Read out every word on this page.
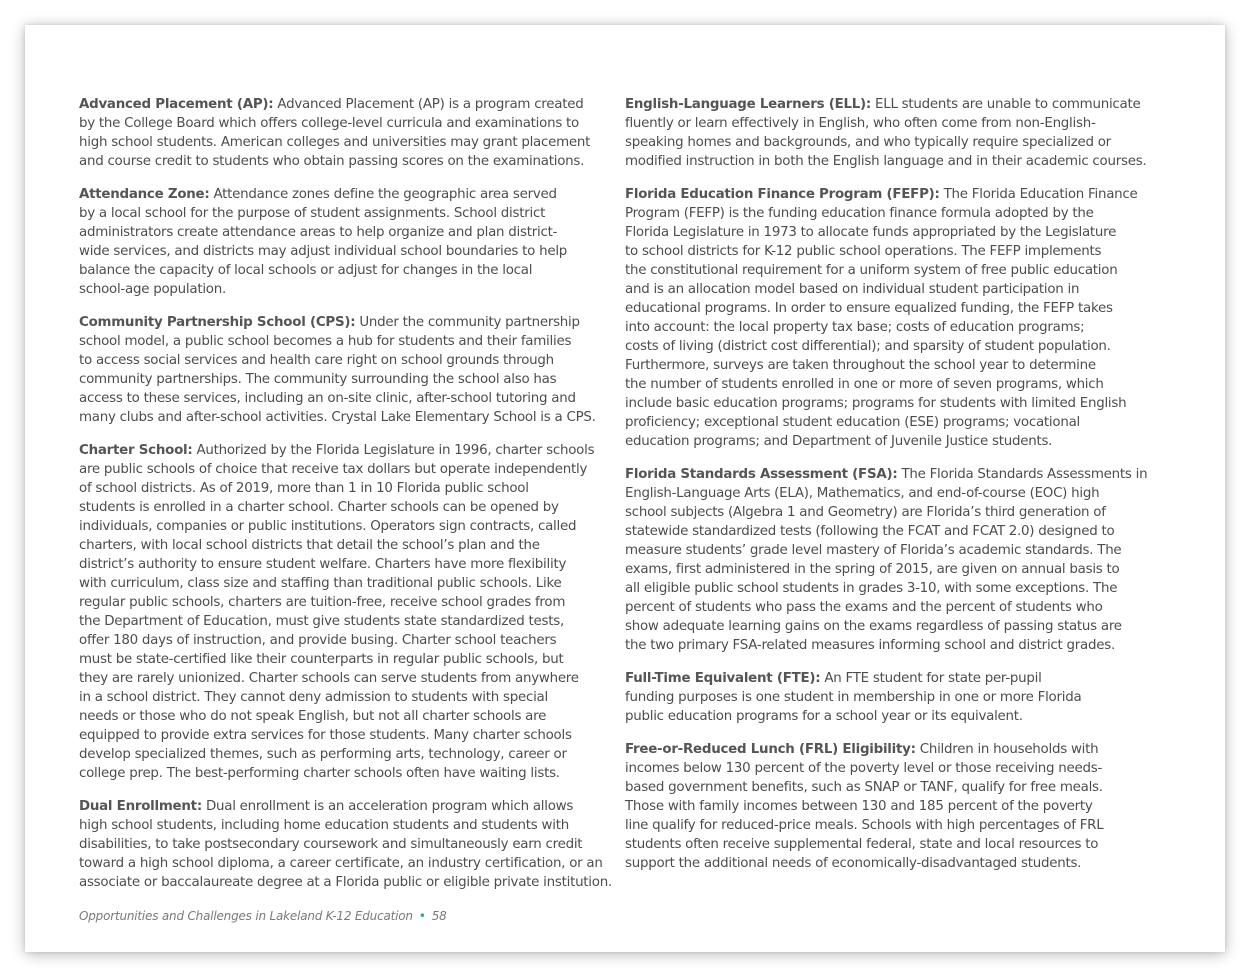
Advanced Placement (AP): Advanced Placement (AP) is a program created
by the College Board which offers college-level curricula and examinations to
high school students. American colleges and universities may grant placement
and course credit to students who obtain passing scores on the examinations.
Attendance Zone: Attendance zones define the geographic area served
by a local school for the purpose of student assignments. School district
administrators create attendance areas to help organize and plan district-
wide services, and districts may adjust individual school boundaries to help
balance the capacity of local schools or adjust for changes in the local
school-age population.
Community Partnership School (CPS): Under the community partnership
school model, a public school becomes a hub for students and their families
to access social services and health care right on school grounds through
community partnerships. The community surrounding the school also has
access to these services, including an on-site clinic, after-school tutoring and
many clubs and after-school activities. Crystal Lake Elementary School is a CPS.
Charter School: Authorized by the Florida Legislature in 1996, charter schools
are public schools of choice that receive tax dollars but operate independently
of school districts. As of 2019, more than 1 in 10 Florida public school
students is enrolled in a charter school. Charter schools can be opened by
individuals, companies or public institutions. Operators sign contracts, called
charters, with local school districts that detail the school’s plan and the
district’s authority to ensure student welfare. Charters have more flexibility
with curriculum, class size and staffing than traditional public schools. Like
regular public schools, charters are tuition-free, receive school grades from
the Department of Education, must give students state standardized tests,
offer 180 days of instruction, and provide busing. Charter school teachers
must be state-certified like their counterparts in regular public schools, but
they are rarely unionized. Charter schools can serve students from anywhere
in a school district. They cannot deny admission to students with special
needs or those who do not speak English, but not all charter schools are
equipped to provide extra services for those students. Many charter schools
develop specialized themes, such as performing arts, technology, career or
college prep. The best-performing charter schools often have waiting lists.
Dual Enrollment: Dual enrollment is an acceleration program which allows
high school students, including home education students and students with
disabilities, to take postsecondary coursework and simultaneously earn credit
toward a high school diploma, a career certificate, an industry certification, or an
associate or baccalaureate degree at a Florida public or eligible private institution.
English-Language Learners (ELL): ELL students are unable to communicate
fluently or learn effectively in English, who often come from non-English-
speaking homes and backgrounds, and who typically require specialized or
modified instruction in both the English language and in their academic courses.
Florida Education Finance Program (FEFP): The Florida Education Finance
Program (FEFP) is the funding education finance formula adopted by the
Florida Legislature in 1973 to allocate funds appropriated by the Legislature
to school districts for K-12 public school operations. The FEFP implements
the constitutional requirement for a uniform system of free public education
and is an allocation model based on individual student participation in
educational programs. In order to ensure equalized funding, the FEFP takes
into account: the local property tax base; costs of education programs;
costs of living (district cost differential); and sparsity of student population.
Furthermore, surveys are taken throughout the school year to determine
the number of students enrolled in one or more of seven programs, which
include basic education programs; programs for students with limited English
proficiency; exceptional student education (ESE) programs; vocational
education programs; and Department of Juvenile Justice students.
Florida Standards Assessment (FSA): The Florida Standards Assessments in
English-Language Arts (ELA), Mathematics, and end-of-course (EOC) high
school subjects (Algebra 1 and Geometry) are Florida’s third generation of
statewide standardized tests (following the FCAT and FCAT 2.0) designed to
measure students’ grade level mastery of Florida’s academic standards. The
exams, first administered in the spring of 2015, are given on annual basis to
all eligible public school students in grades 3-10, with some exceptions. The
percent of students who pass the exams and the percent of students who
show adequate learning gains on the exams regardless of passing status are
the two primary FSA-related measures informing school and district grades.
Full-Time Equivalent (FTE): An FTE student for state per-pupil
funding purposes is one student in membership in one or more Florida
public education programs for a school year or its equivalent.
Free-or-Reduced Lunch (FRL) Eligibility: Children in households with
incomes below 130 percent of the poverty level or those receiving needs-
based government benefits, such as SNAP or TANF, qualify for free meals.
Those with family incomes between 130 and 185 percent of the poverty
line qualify for reduced-price meals. Schools with high percentages of FRL
students often receive supplemental federal, state and local resources to
support the additional needs of economically-disadvantaged students.
Opportunities and Challenges in Lakeland K-12 Education • 58
